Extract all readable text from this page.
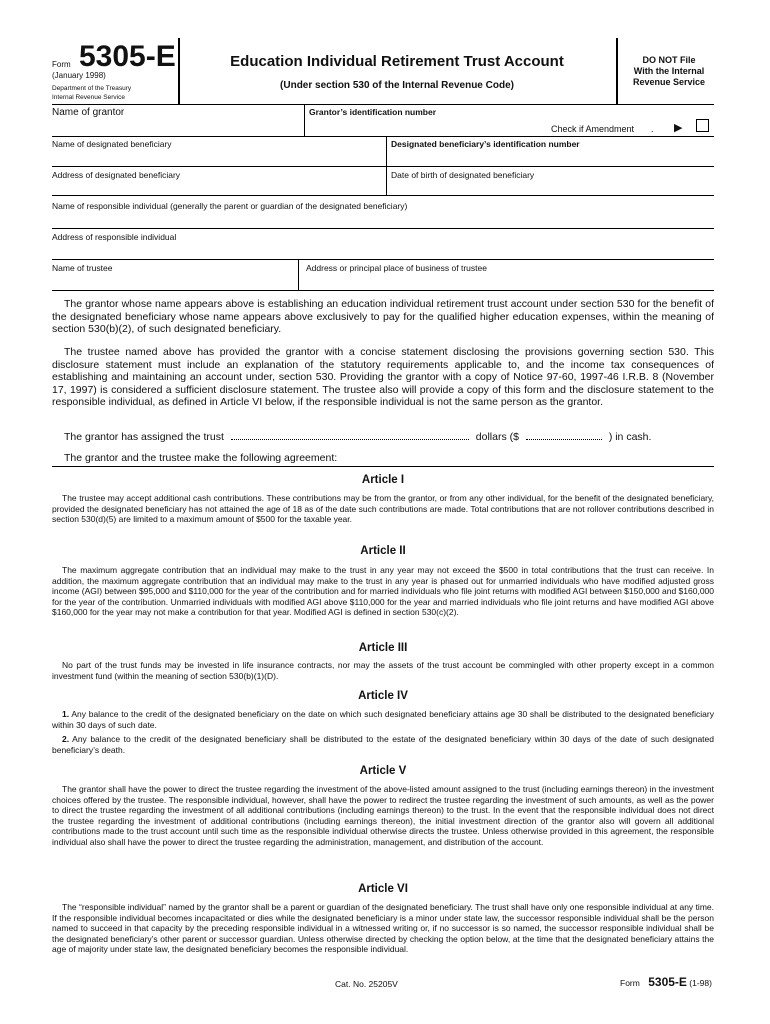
Form 5305-E
(January 1998)
Department of the Treasury
Internal Revenue Service
Education Individual Retirement Trust Account
(Under section 530 of the Internal Revenue Code)
DO NOT File
With the Internal
Revenue Service
Name of grantor	Grantor’s identification number
Check if Amendment . ▶
Name of designated beneficiary	Designated beneficiary’s identification number
Address of designated beneficiary	Date of birth of designated beneficiary
Name of responsible individual (generally the parent or guardian of the designated beneficiary)
Address of responsible individual
Name of trustee	Address or principal place of business of trustee
The grantor whose name appears above is establishing an education individual retirement trust account under section 530 for the benefit of the designated beneficiary whose name appears above exclusively to pay for the qualified higher education expenses, within the meaning of section 530(b)(2), of such designated beneficiary.
The trustee named above has provided the grantor with a concise statement disclosing the provisions governing section 530. This disclosure statement must include an explanation of the statutory requirements applicable to, and the income tax consequences of establishing and maintaining an account under, section 530. Providing the grantor with a copy of Notice 97-60, 1997-46 I.R.B. 8 (November 17, 1997) is considered a sufficient disclosure statement. The trustee also will provide a copy of this form and the disclosure statement to the responsible individual, as defined in Article VI below, if the responsible individual is not the same person as the grantor.
The grantor has assigned the trust	dollars ($	) in cash.
The grantor and the trustee make the following agreement:
Article I
The trustee may accept additional cash contributions. These contributions may be from the grantor, or from any other individual, for the benefit of the designated beneficiary, provided the designated beneficiary has not attained the age of 18 as of the date such contributions are made. Total contributions that are not rollover contributions described in section 530(d)(5) are limited to a maximum amount of $500 for the taxable year.
Article II
The maximum aggregate contribution that an individual may make to the trust in any year may not exceed the $500 in total contributions that the trust can receive. In addition, the maximum aggregate contribution that an individual may make to the trust in any year is phased out for unmarried individuals who have modified adjusted gross income (AGI) between $95,000 and $110,000 for the year of the contribution and for married individuals who file joint returns with modified AGI between $150,000 and $160,000 for the year of the contribution. Unmarried individuals with modified AGI above $110,000 for the year and married individuals who file joint returns and have modified AGI above $160,000 for the year may not make a contribution for that year. Modified AGI is defined in section 530(c)(2).
Article III
No part of the trust funds may be invested in life insurance contracts, nor may the assets of the trust account be commingled with other property except in a common investment fund (within the meaning of section 530(b)(1)(D).
Article IV
1. Any balance to the credit of the designated beneficiary on the date on which such designated beneficiary attains age 30 shall be distributed to the designated beneficiary within 30 days of such date.
2. Any balance to the credit of the designated beneficiary shall be distributed to the estate of the designated beneficiary within 30 days of the date of such designated beneficiary’s death.
Article V
The grantor shall have the power to direct the trustee regarding the investment of the above-listed amount assigned to the trust (including earnings thereon) in the investment choices offered by the trustee. The responsible individual, however, shall have the power to redirect the trustee regarding the investment of such amounts, as well as the power to direct the trustee regarding the investment of all additional contributions (including earnings thereon) to the trust. In the event that the responsible individual does not direct the trustee regarding the investment of additional contributions (including earnings thereon), the initial investment direction of the grantor also will govern all additional contributions made to the trust account until such time as the responsible individual otherwise directs the trustee. Unless otherwise provided in this agreement, the responsible individual also shall have the power to direct the trustee regarding the administration, management, and distribution of the account.
Article VI
The “responsible individual” named by the grantor shall be a parent or guardian of the designated beneficiary. The trust shall have only one responsible individual at any time. If the responsible individual becomes incapacitated or dies while the designated beneficiary is a minor under state law, the successor responsible individual shall be the person named to succeed in that capacity by the preceding responsible individual in a witnessed writing or, if no successor is so named, the successor responsible individual shall be the designated beneficiary’s other parent or successor guardian. Unless otherwise directed by checking the option below, at the time that the designated beneficiary attains the age of majority under state law, the designated beneficiary becomes the responsible individual.
Cat. No. 25205V	Form 5305-E (1-98)
